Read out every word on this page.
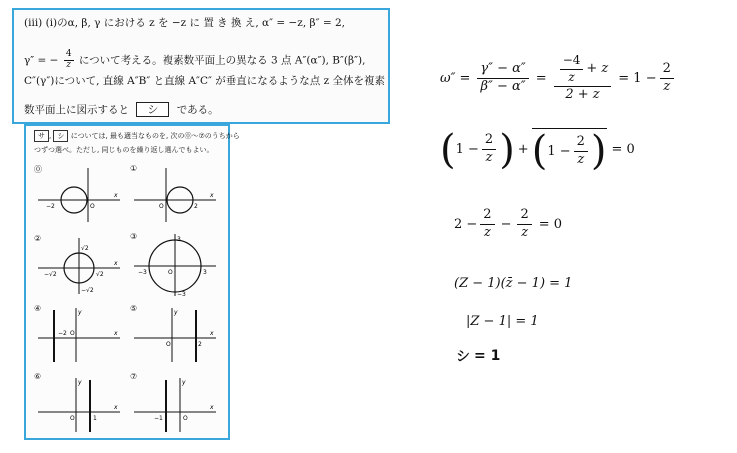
(iii) (i)のα, β, γ における z を −z に 置 き 換 え, α″ = −z, β″ = 2,
γ″ = − $\frac{4}{z}$ について考える。複素数平面上の異なる 3 点 A″(α″), B″(β″),
C″(γ″)について, 直線 A″B″ と直線 A″C″ が垂直になるような点 z 全体を複素
数平面上に図示すると シ である。
サ , シ については, 最も適当なものを, 次の⓪〜⑦のうちから
つずつ選べ。ただし, 同じものを繰り返し選んでもよい。
⓪
−2	O
x
①
O	2
x
②
√2
−√2	√2
−√2
x
③	3
−3	O	3
−3
④	y
−2 O	x
⑤	y
O	2
x
⑥
y
O	1
x
⑦
y
−1	O
x
$\omega'' = \frac{\gamma'' - \alpha''}{\beta'' - \alpha''} = \frac{\frac{-4}{z} + z}{2 + z} = 1 - \frac{2}{z}$
( $1 - \frac{2}{z}$ ) + ( $1 - \frac{2}{z}$ ) = 0
$2 - \frac{2}{z} - \frac{2}{z} = 0$
(Z − 1)(z̄ − 1) = 1
|Z − 1| = 1
シ = 1
